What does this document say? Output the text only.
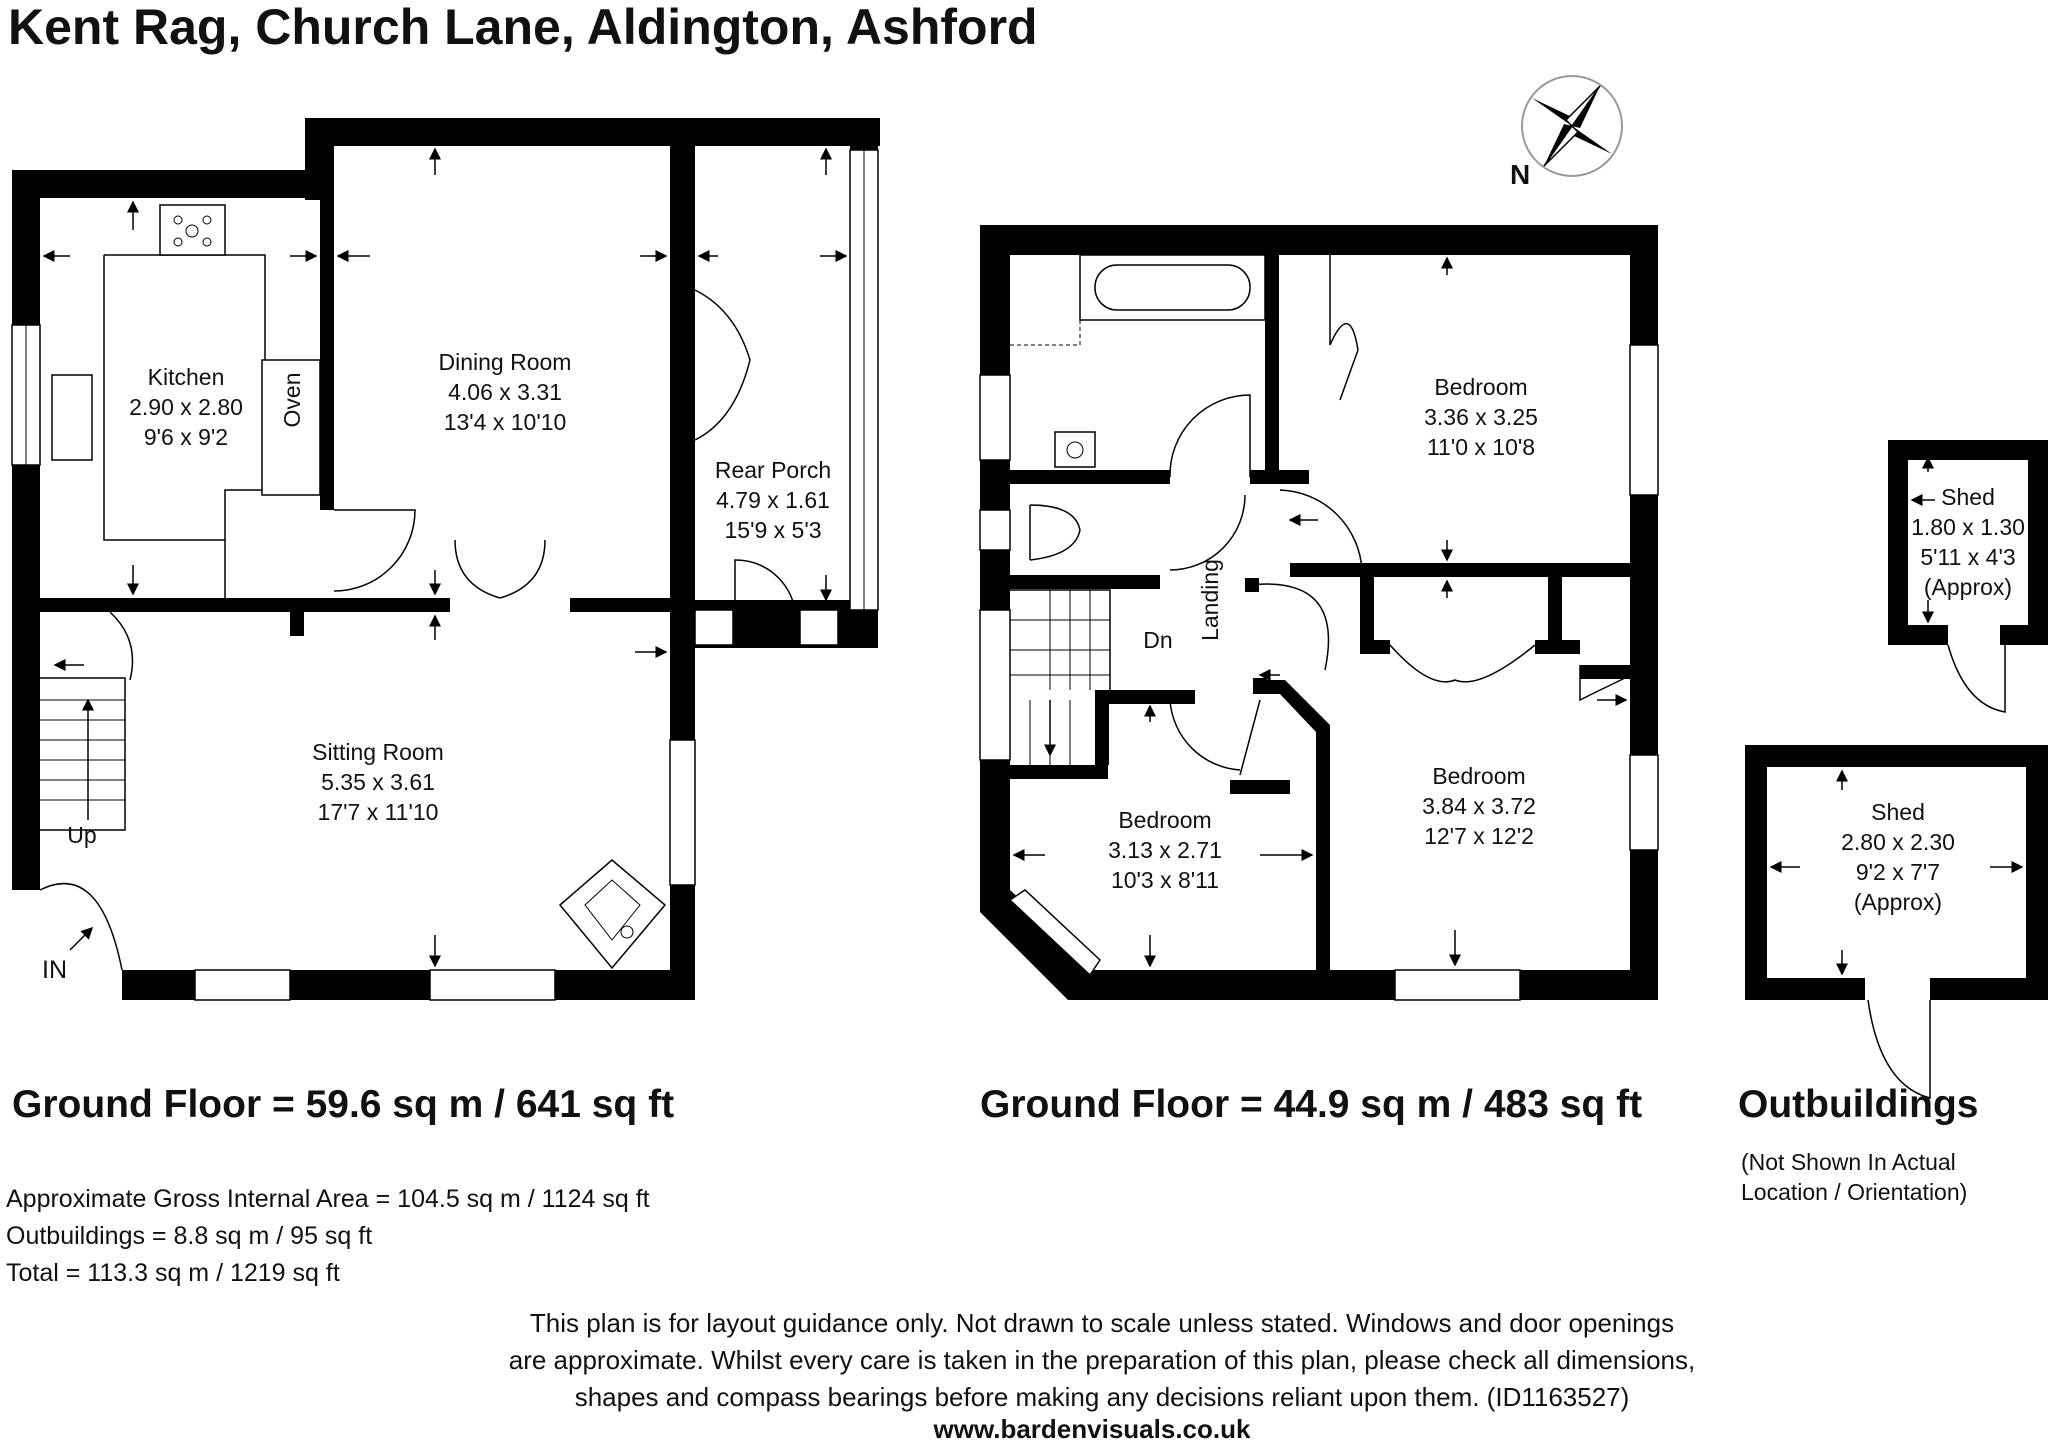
Kent Rag, Church Lane, Aldington, Ashford
N
Kitchen
2.90 x 2.80
9'6 x 9'2
Oven
Dining Room
4.06 x 3.31
13'4 x 10'10
Rear Porch
4.79 x 1.61
15'9 x 5'3
Sitting Room
5.35 x 3.61
17'7 x 11'10
Up
IN
Bedroom
3.36 x 3.25
11'0 x 10'8
Bedroom
3.84 x 3.72
12'7 x 12'2
Bedroom
3.13 x 2.71
10'3 x 8'11
Landing
Dn
Shed
1.80 x 1.30
5'11 x 4'3
(Approx)
Shed
2.80 x 2.30
9'2 x 7'7
(Approx)
Ground Floor = 59.6 sq m / 641 sq ft	Ground Floor = 44.9 sq m / 483 sq ft Outbuildings
(Not Shown In Actual
Location / Orientation)
Approximate Gross Internal Area = 104.5 sq m / 1124 sq ft
Outbuildings = 8.8 sq m / 95 sq ft
Total = 113.3 sq m / 1219 sq ft
This plan is for layout guidance only. Not drawn to scale unless stated. Windows and door openings
are approximate. Whilst every care is taken in the preparation of this plan, please check all dimensions,
shapes and compass bearings before making any decisions reliant upon them. (ID1163527)
www.bardenvisuals.co.uk
